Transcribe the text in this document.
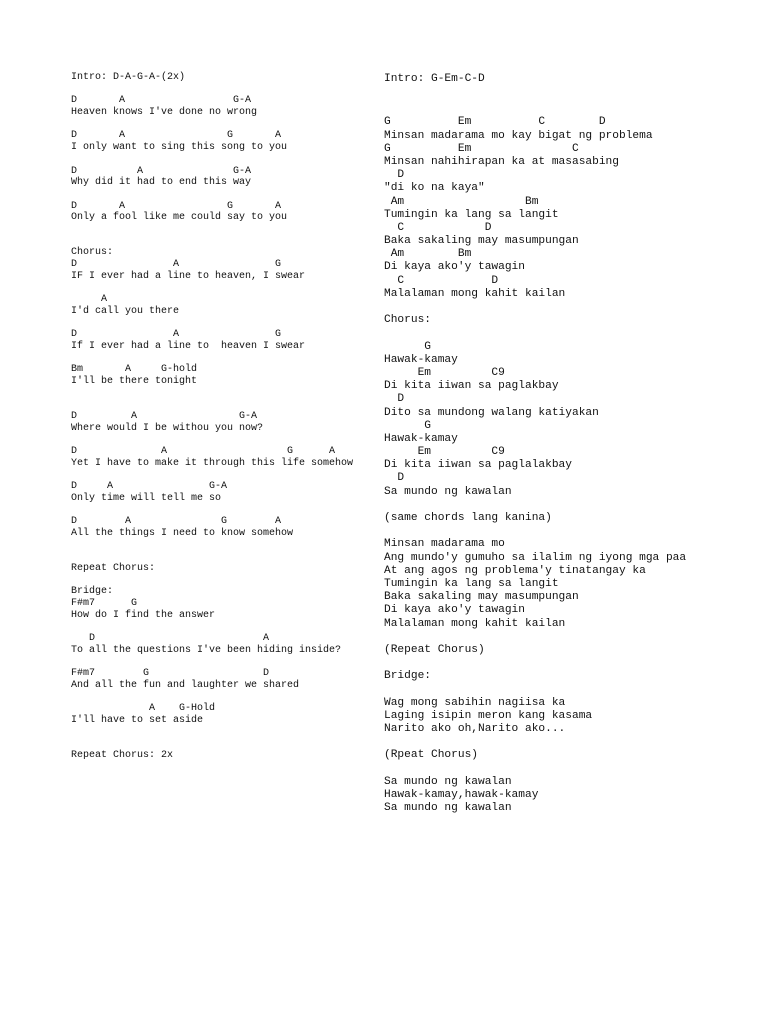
Intro: D-A-G-A-(2x)
D       A                  G-A
Heaven knows I've done no wrong
D       A                 G       A
I only want to sing this song to you
D          A               G-A
Why did it had to end this way
D       A                 G       A
Only a fool like me could say to you
Chorus:
D                A                G
IF I ever had a line to heaven, I swear
A
I'd call you there
D                A                G
If I ever had a line to  heaven I swear
Bm       A     G-hold
I'll be there tonight
D         A                 G-A
Where would I be withou you now?
D              A                    G      A
Yet I have to make it through this life somehow
D     A                G-A
Only time will tell me so
D        A               G        A
All the things I need to know somehow
Repeat Chorus:
Bridge:
F#m7      G
How do I find the answer
D                            A
To all the questions I've been hiding inside?
F#m7        G                   D
And all the fun and laughter we shared
A    G-Hold
I'll have to set aside
Repeat Chorus: 2x
Intro: G-Em-C-D
G          Em          C        D
Minsan madarama mo kay bigat ng problema
G          Em               C
Minsan nahihirapan ka at masasabing
D
"di ko na kaya"
Am                  Bm
Tumingin ka lang sa langit
C            D
Baka sakaling may masumpungan
Am        Bm
Di kaya ako'y tawagin
C             D
Malalaman mong kahit kailan
Chorus:
G
Hawak-kamay
Em         C9
Di kita iiwan sa paglakbay
D
Dito sa mundong walang katiyakan
G
Hawak-kamay
Em         C9
Di kita iiwan sa paglalakbay
D
Sa mundo ng kawalan
(same chords lang kanina)
Minsan madarama mo
Ang mundo'y gumuho sa ilalim ng iyong mga paa
At ang agos ng problema'y tinatangay ka
Tumingin ka lang sa langit
Baka sakaling may masumpungan
Di kaya ako'y tawagin
Malalaman mong kahit kailan
(Repeat Chorus)
Bridge:
Wag mong sabihin nagiisa ka
Laging isipin meron kang kasama
Narito ako oh,Narito ako...
(Rpeat Chorus)
Sa mundo ng kawalan
Hawak-kamay,hawak-kamay
Sa mundo ng kawalan
